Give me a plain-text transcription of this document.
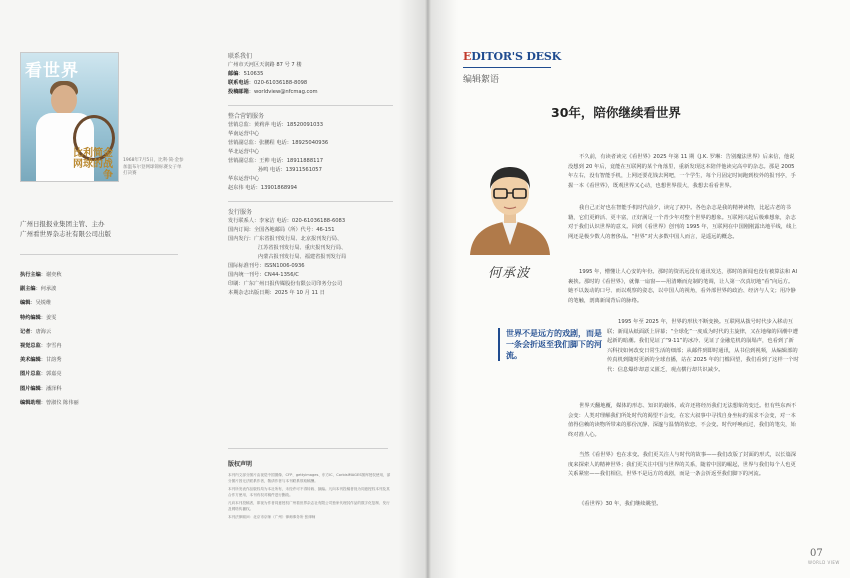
看世界
比利简金网球的战争
1968年7月5日，比利·简·金参加温布尔登网球锦标赛女子单打决赛
广州日报报业集团主管、主办
广州看世界杂志社有限公司出版
执行主编：谢奕秋
副主编：何承波
编辑：吴锐维
特约编辑：姜雯
记者：唐海云
视觉总监：李雪冉
美术编辑：甘韵秀
图片总监：郭嘉亮
图片编辑：潘泽科
编辑助理：曾淑仪 陈伟丽
联系我们
广州市天河区天润路 87 号 7 楼
邮编：510635
联系电话：020-61036188-8098
投稿邮箱：worldview@nfcmag.com
整合营销服务
营销总监：黄莉萍 电话：18520091033
华南运营中心
营销副总监：张鹏程 电话：18925040936
华北运营中心
营销副总监：王帅 电话：18911888117
孙鸣 电话：13911561057
华东运营中心
赵东伟 电话：13901868994
发行服务
发行联系人：李家洁 电话：020-61036188-6083
国内订阅：全国各地邮局（所）代号：46-151
国内发行：广东省报刊发行局、北京报刊发行局、
江苏省报刊发行局、重庆报刊发行局、
内蒙古报刊发行局、福建省报刊发行局
国际标准刊号：ISSN1006-0936
国内统一刊号：CN44-1356/C
印刷：广东广州日报传媒股份有限公司印务分公司
本期杂志出版日期：2025 年 10 月 11 日
版权声明
本刊内文部分图片由视觉中国图像、CFP、gettyimages、东方IC、CorbisIMAGES图库授权使用，部分图片因无法联系作者，敬请作者与本刊联系领取稿酬。
本刊所发表作品版权均为本社所有，未经许可不得转载、摘编。凡向本刊投稿者视为同意授权本刊及其合作方使用，本刊有权对稿件进行删改。
凡向本刊投稿者，即视为作者同意授权广州看世界杂志社有限公司独家代理其作品的数字化复制、发行及网络传播权。
本刊法律顾问：北京市京师（广州）律师事务所 张律师
EDITOR'S DESK
编辑絮语
30年，陪你继续看世界
何承波
世界不是远方的戏剧，而是一条会折返至我们脚下的河流。
不久前，有读者读完《看世界》2025 年第 11 期《J.K. 罗琳：告别魔法世界》后来信，他说没想到 20 年后，竟能在互联网的某个角落里，重新发现这本陪伴他读完高中的杂志。那是 2005 年左右，没有智能手机，上网还要花钱去网吧，一个学生，每个月固定时间跑到校外的报刊亭，手握一本《看世界》，既观世界又心动，也想世界很大，我想去看看世界。
我自己正好也在智能手机时代前夕，读完了初中。各色杂志是我的精神读物，比起古老的书籍，它们更鲜活、更丰富，正好满足一个青少年对整个世界的想象。互联网兴起后极难想象，杂志对于我们认识世界的意义。回到《看世界》创刊的 1995 年，互联网在中国刚刚露出地平线，线上网还是极少数人的奢侈品。“世界”对大多数中国人而言，是遥远的概念。
1995 年，懵懂让人心安的年份。那时的资讯远没有通讯发达，那时的新闻也没有被算法和 AI 裹挟。那时的《看世界》，就像一扇窗——用清晰而克制的笔调，让人第一次真切地“看”向远方。她不以轰动的口号、而以观察的姿态，以中国人的视角，看外部世界的政治、经济与人文；用冷静的笔触，剖离新闻背后的脉络。
1995 年至 2025 年，世界的形状不断变换。互联网从拨号时代步入移动互联；新闻从纸面跃上屏幕；“全球化”一度成为时代的主旋律，又在地缘的回潮中遭起新的暗潮。我们见证了“9·11”的冰冷、见证了金融危机的崩塌声，也看到了新兴科技如何改变日常生活的细部；从邮件到即时通讯，从书信到视频，从编辑部的传真机到随时更新的全球直播，站在 2025 年的门槛回望，我们看到了这样一个时代：信息爆炸却意义匮乏，观点横行却共识减少。
世界天翻地覆，媒体的形态、知识的载体，或许还将经历我们无法想象的变迁。但有些东西不会变：人类对理解我们所处时代的渴望不会变，在宏大叙事中寻找自身坐标的需求不会变，对一本值得信赖的读物所带来的那份沉静、深邃与温情的依恋，不会变。时代呼唤而过，我们的笔尖，始终对准人心。
当然《看世界》也在求变。我们更关注人与时代的故事——我们改版了封面的形式，以长篇深度来探索人的精神世界；我们更关注中国与世界的关系，随着中国的崛起，世界与我们每个人也更关系紧密——我们相信，世界不是远方的戏剧，而是一条会折返至我们脚下的河流。
《看世界》30 年，我们继续眺望。
07
WORLD VIEW
